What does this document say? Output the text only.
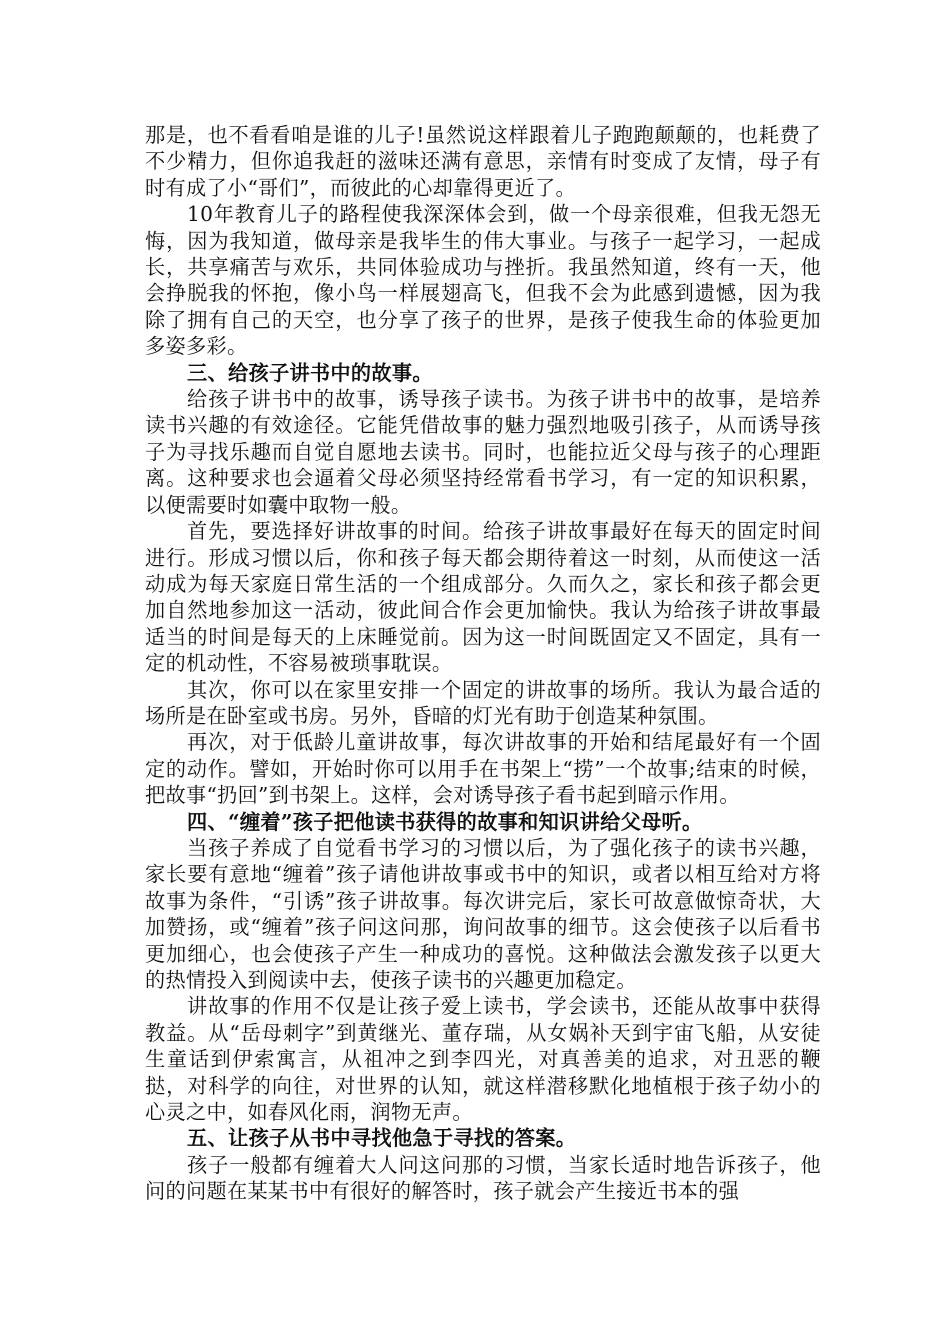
那是，也不看看咱是谁的儿子!虽然说这样跟着儿子跑跑颠颠的，也耗费了不少精力，但你追我赶的滋味还满有意思，亲情有时变成了友情，母子有时有成了小“哥们”，而彼此的心却靠得更近了。

10年教育儿子的路程使我深深体会到，做一个母亲很难，但我无怨无悔，因为我知道，做母亲是我毕生的伟大事业。与孩子一起学习，一起成长，共享痛苦与欢乐，共同体验成功与挫折。我虽然知道，终有一天，他会挣脱我的怀抱，像小鸟一样展翅高飞，但我不会为此感到遗憾，因为我除了拥有自己的天空，也分享了孩子的世界，是孩子使我生命的体验更加多姿多彩。

三、给孩子讲书中的故事。

给孩子讲书中的故事，诱导孩子读书。为孩子讲书中的故事，是培养读书兴趣的有效途径。它能凭借故事的魅力强烈地吸引孩子，从而诱导孩子为寻找乐趣而自觉自愿地去读书。同时，也能拉近父母与孩子的心理距离。这种要求也会逼着父母必须坚持经常看书学习，有一定的知识积累，以便需要时如囊中取物一般。

首先，要选择好讲故事的时间。给孩子讲故事最好在每天的固定时间进行。形成习惯以后，你和孩子每天都会期待着这一时刻，从而使这一活动成为每天家庭日常生活的一个组成部分。久而久之，家长和孩子都会更加自然地参加这一活动，彼此间合作会更加愉快。我认为给孩子讲故事最适当的时间是每天的上床睡觉前。因为这一时间既固定又不固定，具有一定的机动性，不容易被琐事耽误。

其次，你可以在家里安排一个固定的讲故事的场所。我认为最合适的场所是在卧室或书房。另外，昏暗的灯光有助于创造某种氛围。

再次，对于低龄儿童讲故事，每次讲故事的开始和结尾最好有一个固定的动作。譬如，开始时你可以用手在书架上“捞”一个故事;结束的时候，把故事“扔回”到书架上。这样，会对诱导孩子看书起到暗示作用。

四、“缠着”孩子把他读书获得的故事和知识讲给父母听。

当孩子养成了自觉看书学习的习惯以后，为了强化孩子的读书兴趣，家长要有意地“缠着”孩子请他讲故事或书中的知识，或者以相互给对方将故事为条件，“引诱”孩子讲故事。每次讲完后，家长可故意做惊奇状，大加赞扬，或“缠着”孩子问这问那，询问故事的细节。这会使孩子以后看书更加细心，也会使孩子产生一种成功的喜悦。这种做法会激发孩子以更大的热情投入到阅读中去，使孩子读书的兴趣更加稳定。

讲故事的作用不仅是让孩子爱上读书，学会读书，还能从故事中获得教益。从“岳母刺字”到黄继光、董存瑞，从女娲补天到宇宙飞船，从安徒生童话到伊索寓言，从祖冲之到李四光，对真善美的追求，对丑恶的鞭挞，对科学的向往，对世界的认知，就这样潜移默化地植根于孩子幼小的心灵之中，如春风化雨，润物无声。

五、让孩子从书中寻找他急于寻找的答案。

孩子一般都有缠着大人问这问那的习惯，当家长适时地告诉孩子，他问的问题在某某书中有很好的解答时，孩子就会产生接近书本的强
